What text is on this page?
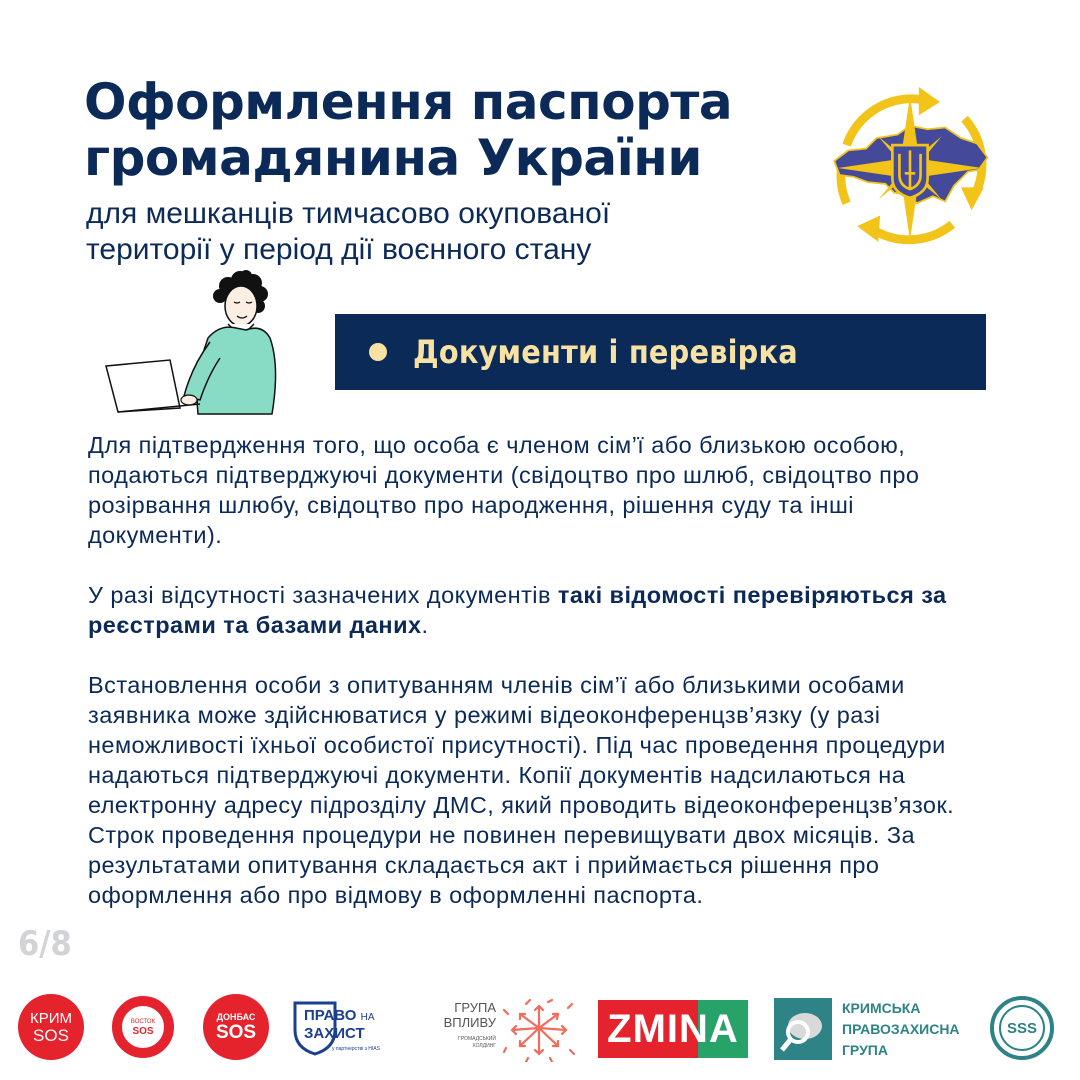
Оформлення паспорта
громадянина України
для мешканців тимчасово окупованої
території у період дії воєнного стану
Документи і перевірка

Для підтвердження того, що особа є членом сім’ї або близькою особою, подаються підтверджуючі документи (свідоцтво про шлюб, свідоцтво про розірвання шлюбу, свідоцтво про народження, рішення суду та інші документи).

У разі відсутності зазначених документів такі відомості перевіряються за реєстрами та базами даних.

Встановлення особи з опитуванням членів сім’ї або близькими особами заявника може здійснюватися у режимі відеоконференцзв’язку (у разі неможливості їхньої особистої присутності). Під час проведення процедури надаються підтверджуючі документи. Копії документів надсилаються на електронну адресу підрозділу ДМС, який проводить відеоконференцзв’язок. Строк проведення процедури не повинен перевищувати двох місяців. За результатами опитування складається акт і приймається рішення про оформлення або про відмову в оформленні паспорта.

6/8
КРИМ
SOS
ВОСТОК
SOS
ДОНБАС
SOS
ПРАВО НА
ЗАХИСТ
у партнерстві з HIAS
ГРУПА
ВПЛИВУ
ГРОМАДСЬКИЙ
ХОЛДИНГ	ZMINA	КРИМСЬКА
ПРАВОЗАХИСНА
ГРУПА
SSS
